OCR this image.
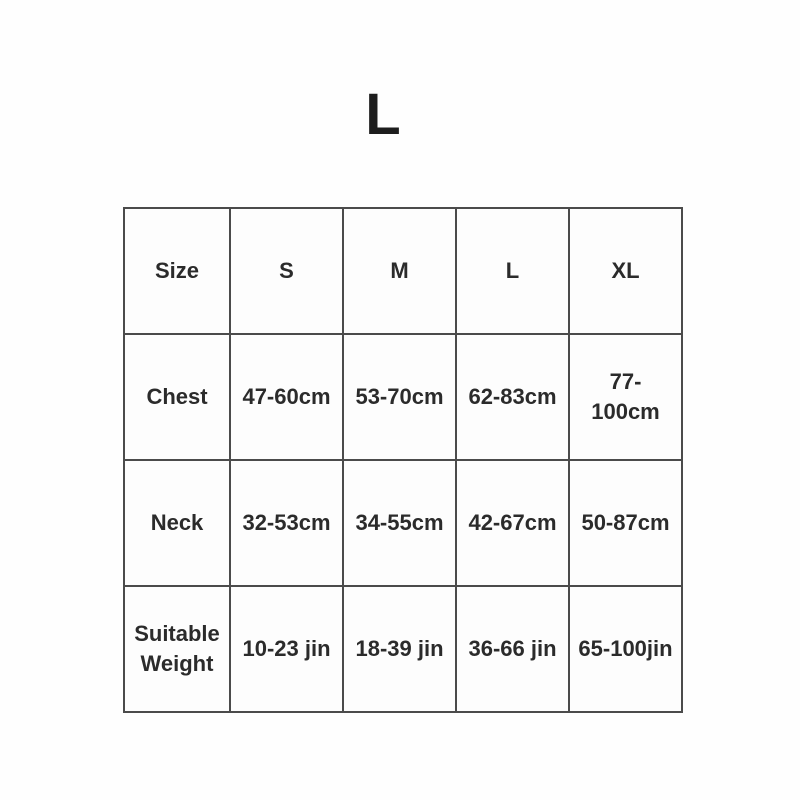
L
Size	S	M	L	XL
Chest	47-60cm	53-70cm	62-83cm	77-100cm
Neck	32-53cm	34-55cm	42-67cm	50-87cm
Suitable Weight	10-23 jin	18-39 jin	36-66 jin	65-100jin
